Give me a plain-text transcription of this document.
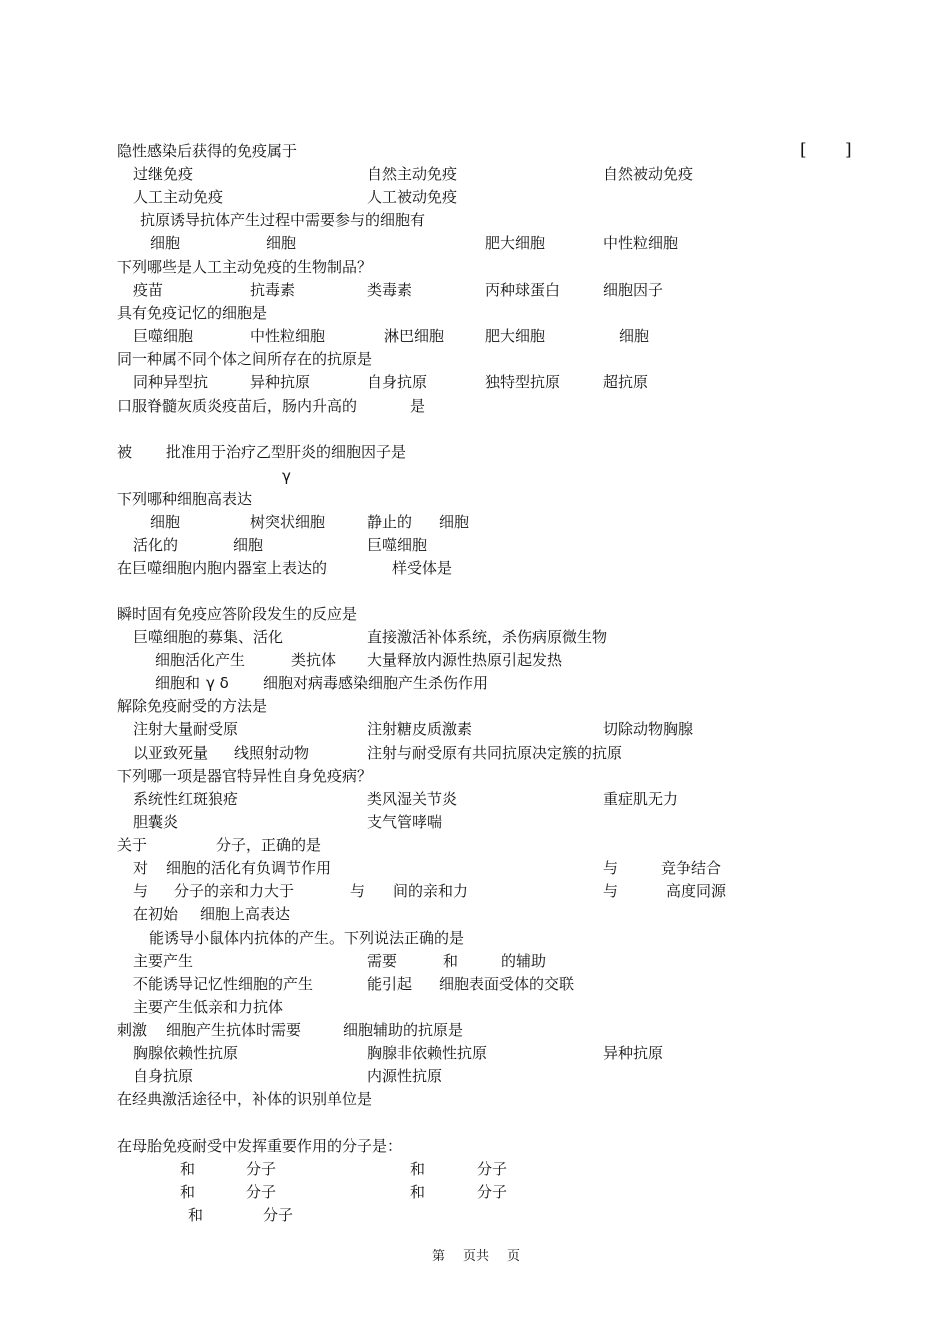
隐性感染后获得的免疫属于	[ ]
过继免疫	自然主动免疫	自然被动免疫
人工主动免疫	人工被动免疫
抗原诱导抗体产生过程中需要参与的细胞有
细胞	细胞	肥大细胞	中性粒细胞
下列哪些是人工主动免疫的生物制品？
疫苗	抗毒素	类毒素	丙种球蛋白	细胞因子
具有免疫记忆的细胞是
巨噬细胞	中性粒细胞	淋巴细胞	肥大细胞	细胞
同一种属不同个体之间所存在的抗原是
同种异型抗	异种抗原	自身抗原	独特型抗原	超抗原
口服脊髓灰质炎疫苗后，肠内升高的	是
被 批准用于治疗乙型肝炎的细胞因子是
γ
下列哪种细胞高表达
细胞	树突状细胞	静止的 细胞
活化的	细胞	巨噬细胞
在巨噬细胞内胞内器室上表达的	样受体是
瞬时固有免疫应答阶段发生的反应是
巨噬细胞的募集、活化	直接激活补体系统，杀伤病原微生物
细胞活化产生	类抗体 大量释放内源性热原引起发热
细胞和 γ δ 细胞对病毒感染细胞产生杀伤作用
解除免疫耐受的方法是
注射大量耐受原	注射糖皮质激素	切除动物胸腺
以亚致死量 线照射动物	注射与耐受原有共同抗原决定簇的抗原
下列哪一项是器官特异性自身免疫病？
系统性红斑狼疮	类风湿关节炎	重症肌无力
胆囊炎	支气管哮喘
关于	分子，正确的是
对 细胞的活化有负调节作用	与	竞争结合
与 分子的亲和力大于	与 间的亲和力	与	高度同源
在初始 细胞上高表达
能诱导小鼠体内抗体的产生。下列说法正确的是
主要产生	需要	和	的辅助
不能诱导记忆性细胞的产生	能引起 细胞表面受体的交联
主要产生低亲和力抗体
刺激 细胞产生抗体时需要	细胞辅助的抗原是
胸腺依赖性抗原	胸腺非依赖性抗原	异种抗原
自身抗原	内源性抗原
在经典激活途径中，补体的识别单位是
在母胎免疫耐受中发挥重要作用的分子是：
和	分子	和	分子
和	分子	和	分子
和	分子
第 页共 页
